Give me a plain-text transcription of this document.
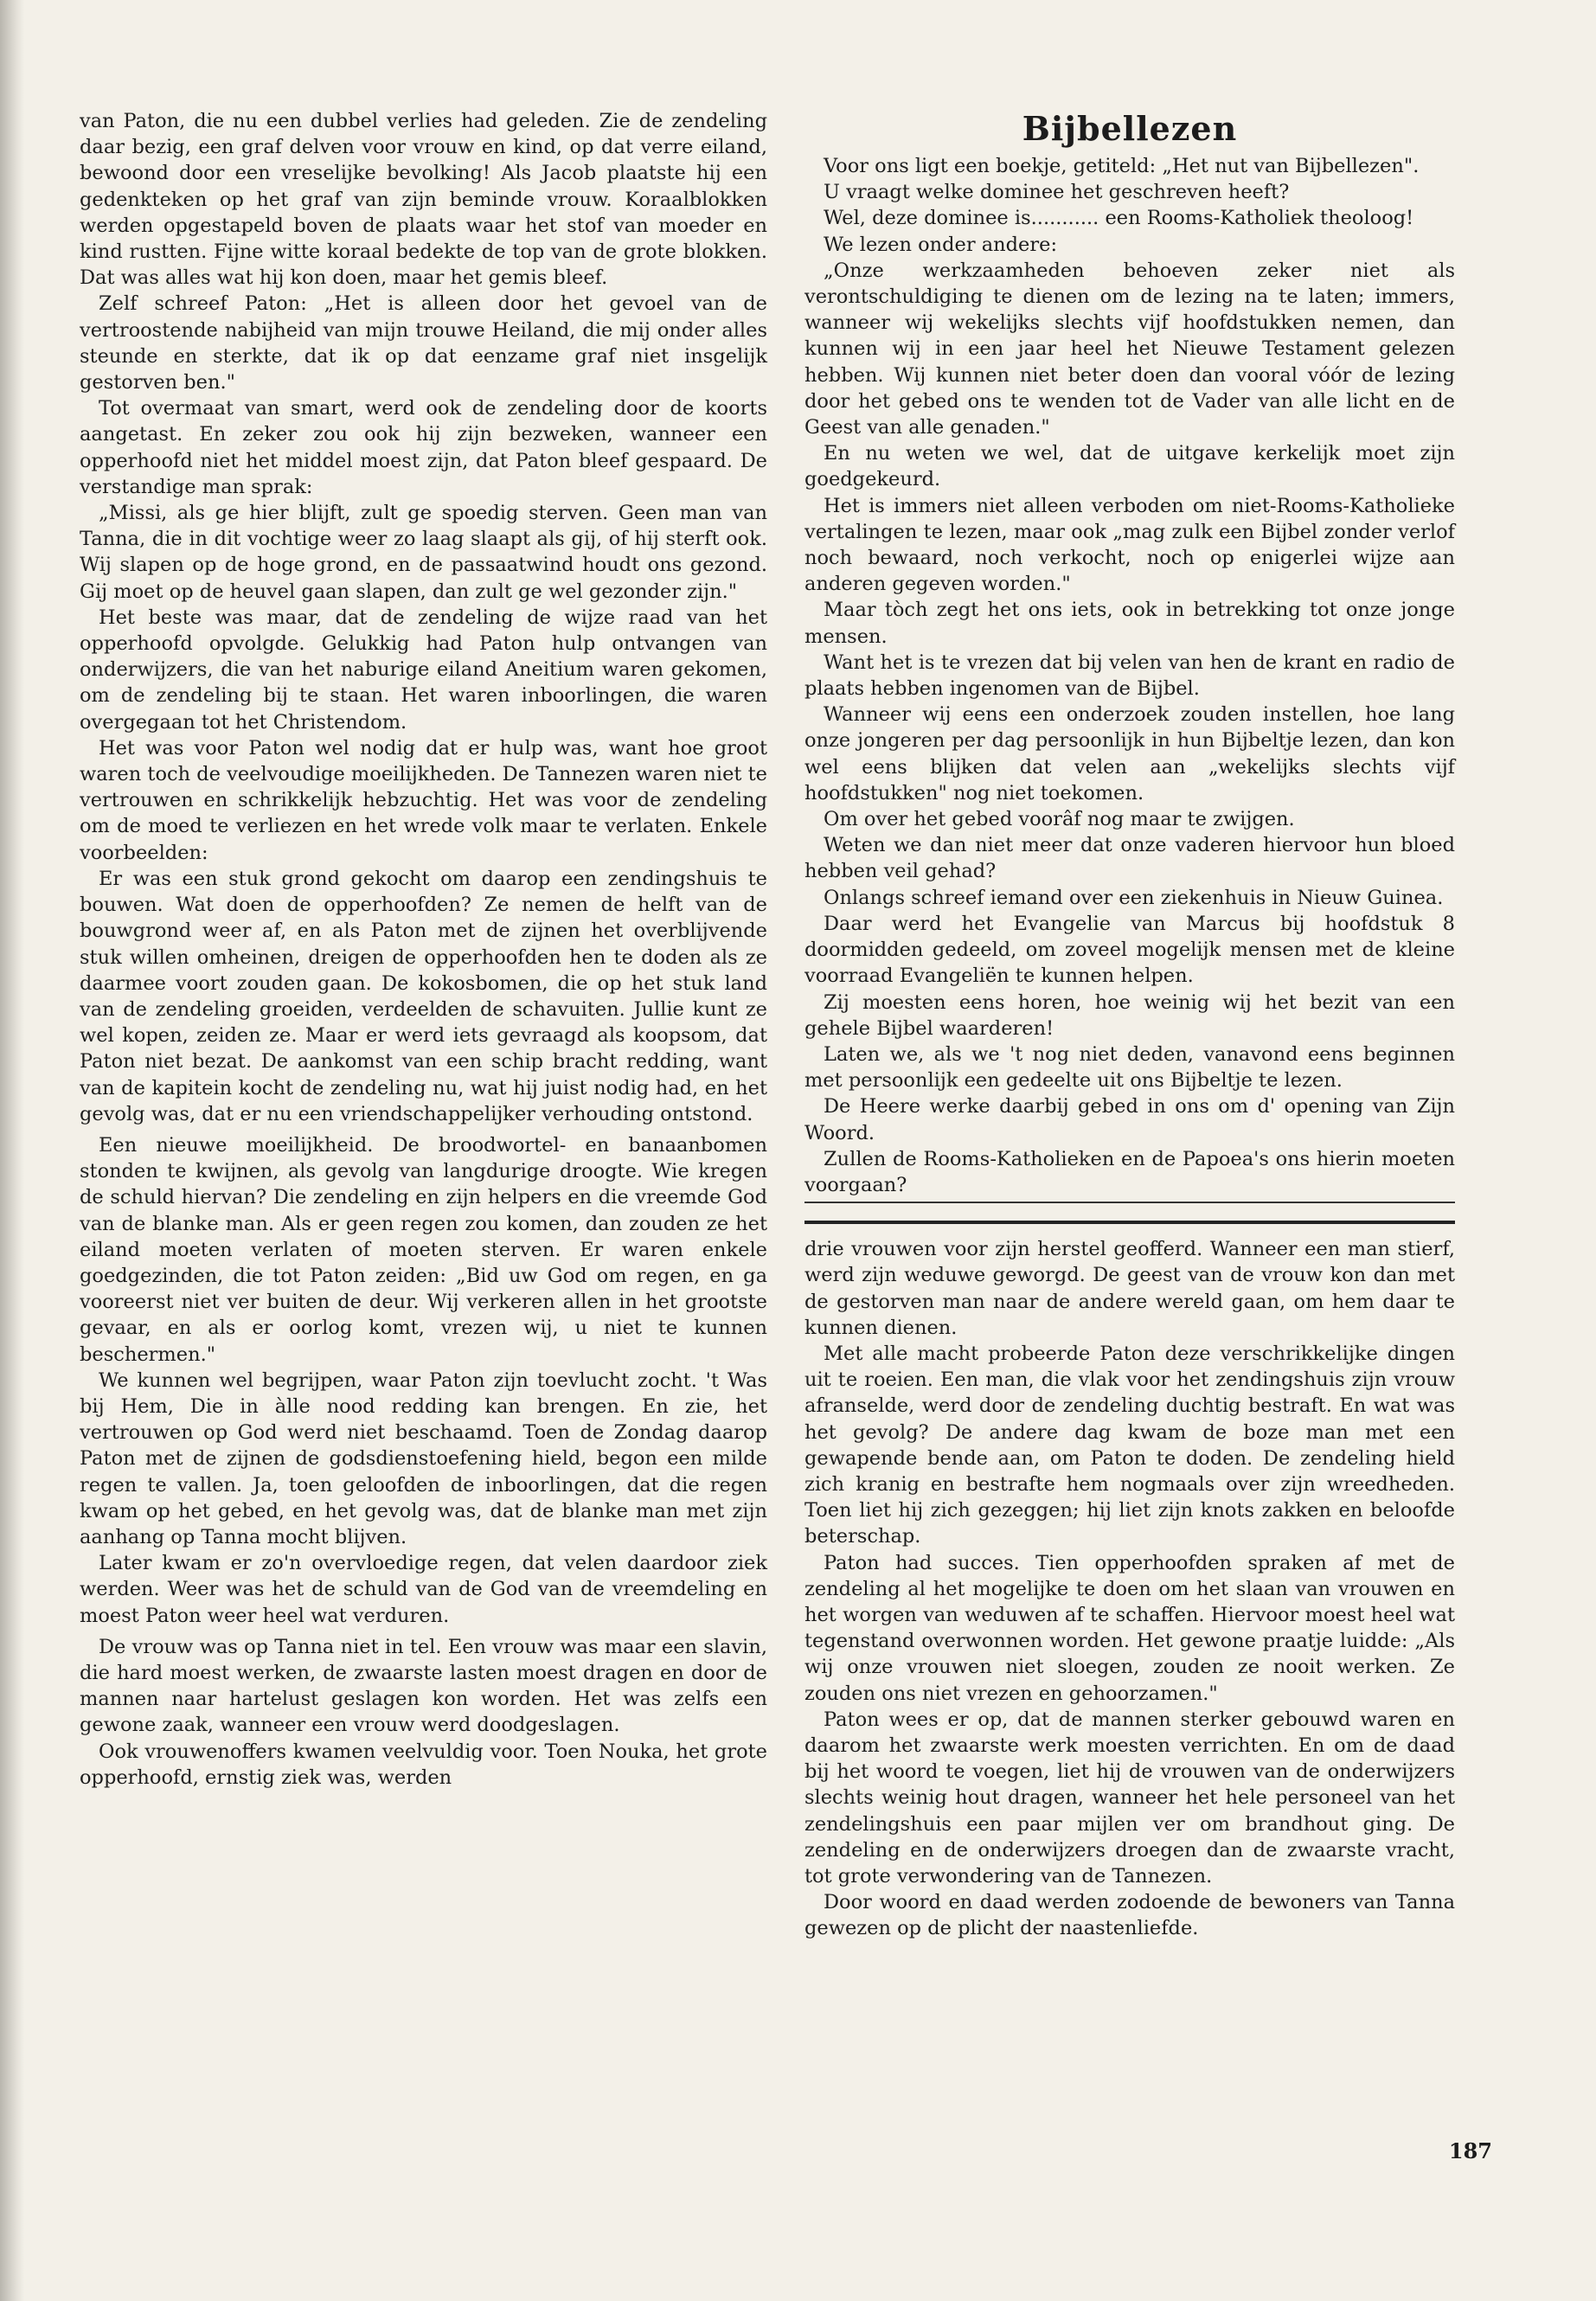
van Paton, die nu een dubbel verlies had geleden. Zie de zendeling daar bezig, een graf delven voor vrouw en kind, op dat verre eiland, bewoond door een vreselijke bevolking! Als Jacob plaatste hij een gedenkteken op het graf van zijn beminde vrouw. Koraalblokken werden opgestapeld boven de plaats waar het stof van moeder en kind rustten. Fijne witte koraal bedekte de top van de grote blokken. Dat was alles wat hij kon doen, maar het gemis bleef.

Zelf schreef Paton: „Het is alleen door het gevoel van de vertroostende nabijheid van mijn trouwe Heiland, die mij onder alles steunde en sterkte, dat ik op dat eenzame graf niet insgelijk gestorven ben."

Tot overmaat van smart, werd ook de zendeling door de koorts aangetast. En zeker zou ook hij zijn bezweken, wanneer een opperhoofd niet het middel moest zijn, dat Paton bleef gespaard. De verstandige man sprak:

„Missi, als ge hier blijft, zult ge spoedig sterven. Geen man van Tanna, die in dit vochtige weer zo laag slaapt als gij, of hij sterft ook. Wij slapen op de hoge grond, en de passaatwind houdt ons gezond. Gij moet op de heuvel gaan slapen, dan zult ge wel gezonder zijn."

Het beste was maar, dat de zendeling de wijze raad van het opperhoofd opvolgde. Gelukkig had Paton hulp ontvangen van onderwijzers, die van het naburige eiland Aneitium waren gekomen, om de zendeling bij te staan. Het waren inboorlingen, die waren overgegaan tot het Christendom.

Het was voor Paton wel nodig dat er hulp was, want hoe groot waren toch de veelvoudige moeilijkheden. De Tannezen waren niet te vertrouwen en schrikkelijk hebzuchtig. Het was voor de zendeling om de moed te verliezen en het wrede volk maar te verlaten. Enkele voorbeelden:

Er was een stuk grond gekocht om daarop een zendingshuis te bouwen. Wat doen de opperhoofden? Ze nemen de helft van de bouwgrond weer af, en als Paton met de zijnen het overblijvende stuk willen omheinen, dreigen de opperhoofden hen te doden als ze daarmee voort zouden gaan. De kokosbomen, die op het stuk land van de zendeling groeiden, verdeelden de schavuiten. Jullie kunt ze wel kopen, zeiden ze. Maar er werd iets gevraagd als koopsom, dat Paton niet bezat. De aankomst van een schip bracht redding, want van de kapitein kocht de zendeling nu, wat hij juist nodig had, en het gevolg was, dat er nu een vriendschappelijker verhouding ontstond.

Een nieuwe moeilijkheid. De broodwortel- en banaanbomen stonden te kwijnen, als gevolg van langdurige droogte. Wie kregen de schuld hiervan? Die zendeling en zijn helpers en die vreemde God van de blanke man. Als er geen regen zou komen, dan zouden ze het eiland moeten verlaten of moeten sterven. Er waren enkele goedgezinden, die tot Paton zeiden: „Bid uw God om regen, en ga vooreerst niet ver buiten de deur. Wij verkeren allen in het grootste gevaar, en als er oorlog komt, vrezen wij, u niet te kunnen beschermen."

We kunnen wel begrijpen, waar Paton zijn toevlucht zocht. 't Was bij Hem, Die in àlle nood redding kan brengen. En zie, het vertrouwen op God werd niet beschaamd. Toen de Zondag daarop Paton met de zijnen de godsdienstoefening hield, begon een milde regen te vallen. Ja, toen geloofden de inboorlingen, dat die regen kwam op het gebed, en het gevolg was, dat de blanke man met zijn aanhang op Tanna mocht blijven.

Later kwam er zo'n overvloedige regen, dat velen daardoor ziek werden. Weer was het de schuld van de God van de vreemdeling en moest Paton weer heel wat verduren.

De vrouw was op Tanna niet in tel. Een vrouw was maar een slavin, die hard moest werken, de zwaarste lasten moest dragen en door de mannen naar hartelust geslagen kon worden. Het was zelfs een gewone zaak, wanneer een vrouw werd doodgeslagen.

Ook vrouwenoffers kwamen veelvuldig voor. Toen Nouka, het grote opperhoofd, ernstig ziek was, werden

Bijbellezen

Voor ons ligt een boekje, getiteld: „Het nut van Bijbellezen".

U vraagt welke dominee het geschreven heeft?

Wel, deze dominee is........... een Rooms-Katholiek theoloog!

We lezen onder andere:

„Onze werkzaamheden behoeven zeker niet als verontschuldiging te dienen om de lezing na te laten; immers, wanneer wij wekelijks slechts vijf hoofdstukken nemen, dan kunnen wij in een jaar heel het Nieuwe Testament gelezen hebben. Wij kunnen niet beter doen dan vooral vóór de lezing door het gebed ons te wenden tot de Vader van alle licht en de Geest van alle genaden."

En nu weten we wel, dat de uitgave kerkelijk moet zijn goedgekeurd.

Het is immers niet alleen verboden om niet-Rooms-Katholieke vertalingen te lezen, maar ook „mag zulk een Bijbel zonder verlof noch bewaard, noch verkocht, noch op enigerlei wijze aan anderen gegeven worden."

Maar tòch zegt het ons iets, ook in betrekking tot onze jonge mensen.

Want het is te vrezen dat bij velen van hen de krant en radio de plaats hebben ingenomen van de Bijbel.

Wanneer wij eens een onderzoek zouden instellen, hoe lang onze jongeren per dag persoonlijk in hun Bijbeltje lezen, dan kon wel eens blijken dat velen aan „wekelijks slechts vijf hoofdstukken" nog niet toekomen.

Om over het gebed voorâf nog maar te zwijgen.

Weten we dan niet meer dat onze vaderen hiervoor hun bloed hebben veil gehad?

Onlangs schreef iemand over een ziekenhuis in Nieuw Guinea.

Daar werd het Evangelie van Marcus bij hoofdstuk 8 doormidden gedeeld, om zoveel mogelijk mensen met de kleine voorraad Evangeliën te kunnen helpen.

Zij moesten eens horen, hoe weinig wij het bezit van een gehele Bijbel waarderen!

Laten we, als we 't nog niet deden, vanavond eens beginnen met persoonlijk een gedeelte uit ons Bijbeltje te lezen.

De Heere werke daarbij gebed in ons om d' opening van Zijn Woord.

Zullen de Rooms-Katholieken en de Papoea's ons hierin moeten voorgaan?

drie vrouwen voor zijn herstel geofferd. Wanneer een man stierf, werd zijn weduwe geworgd. De geest van de vrouw kon dan met de gestorven man naar de andere wereld gaan, om hem daar te kunnen dienen.

Met alle macht probeerde Paton deze verschrikkelijke dingen uit te roeien. Een man, die vlak voor het zendingshuis zijn vrouw afranselde, werd door de zendeling duchtig bestraft. En wat was het gevolg? De andere dag kwam de boze man met een gewapende bende aan, om Paton te doden. De zendeling hield zich kranig en bestrafte hem nogmaals over zijn wreedheden. Toen liet hij zich gezeggen; hij liet zijn knots zakken en beloofde beterschap.

Paton had succes. Tien opperhoofden spraken af met de zendeling al het mogelijke te doen om het slaan van vrouwen en het worgen van weduwen af te schaffen. Hiervoor moest heel wat tegenstand overwonnen worden. Het gewone praatje luidde: „Als wij onze vrouwen niet sloegen, zouden ze nooit werken. Ze zouden ons niet vrezen en gehoorzamen."

Paton wees er op, dat de mannen sterker gebouwd waren en daarom het zwaarste werk moesten verrichten. En om de daad bij het woord te voegen, liet hij de vrouwen van de onderwijzers slechts weinig hout dragen, wanneer het hele personeel van het zendelingshuis een paar mijlen ver om brandhout ging. De zendeling en de onderwijzers droegen dan de zwaarste vracht, tot grote verwondering van de Tannezen.

Door woord en daad werden zodoende de bewoners van Tanna gewezen op de plicht der naastenliefde.

187
